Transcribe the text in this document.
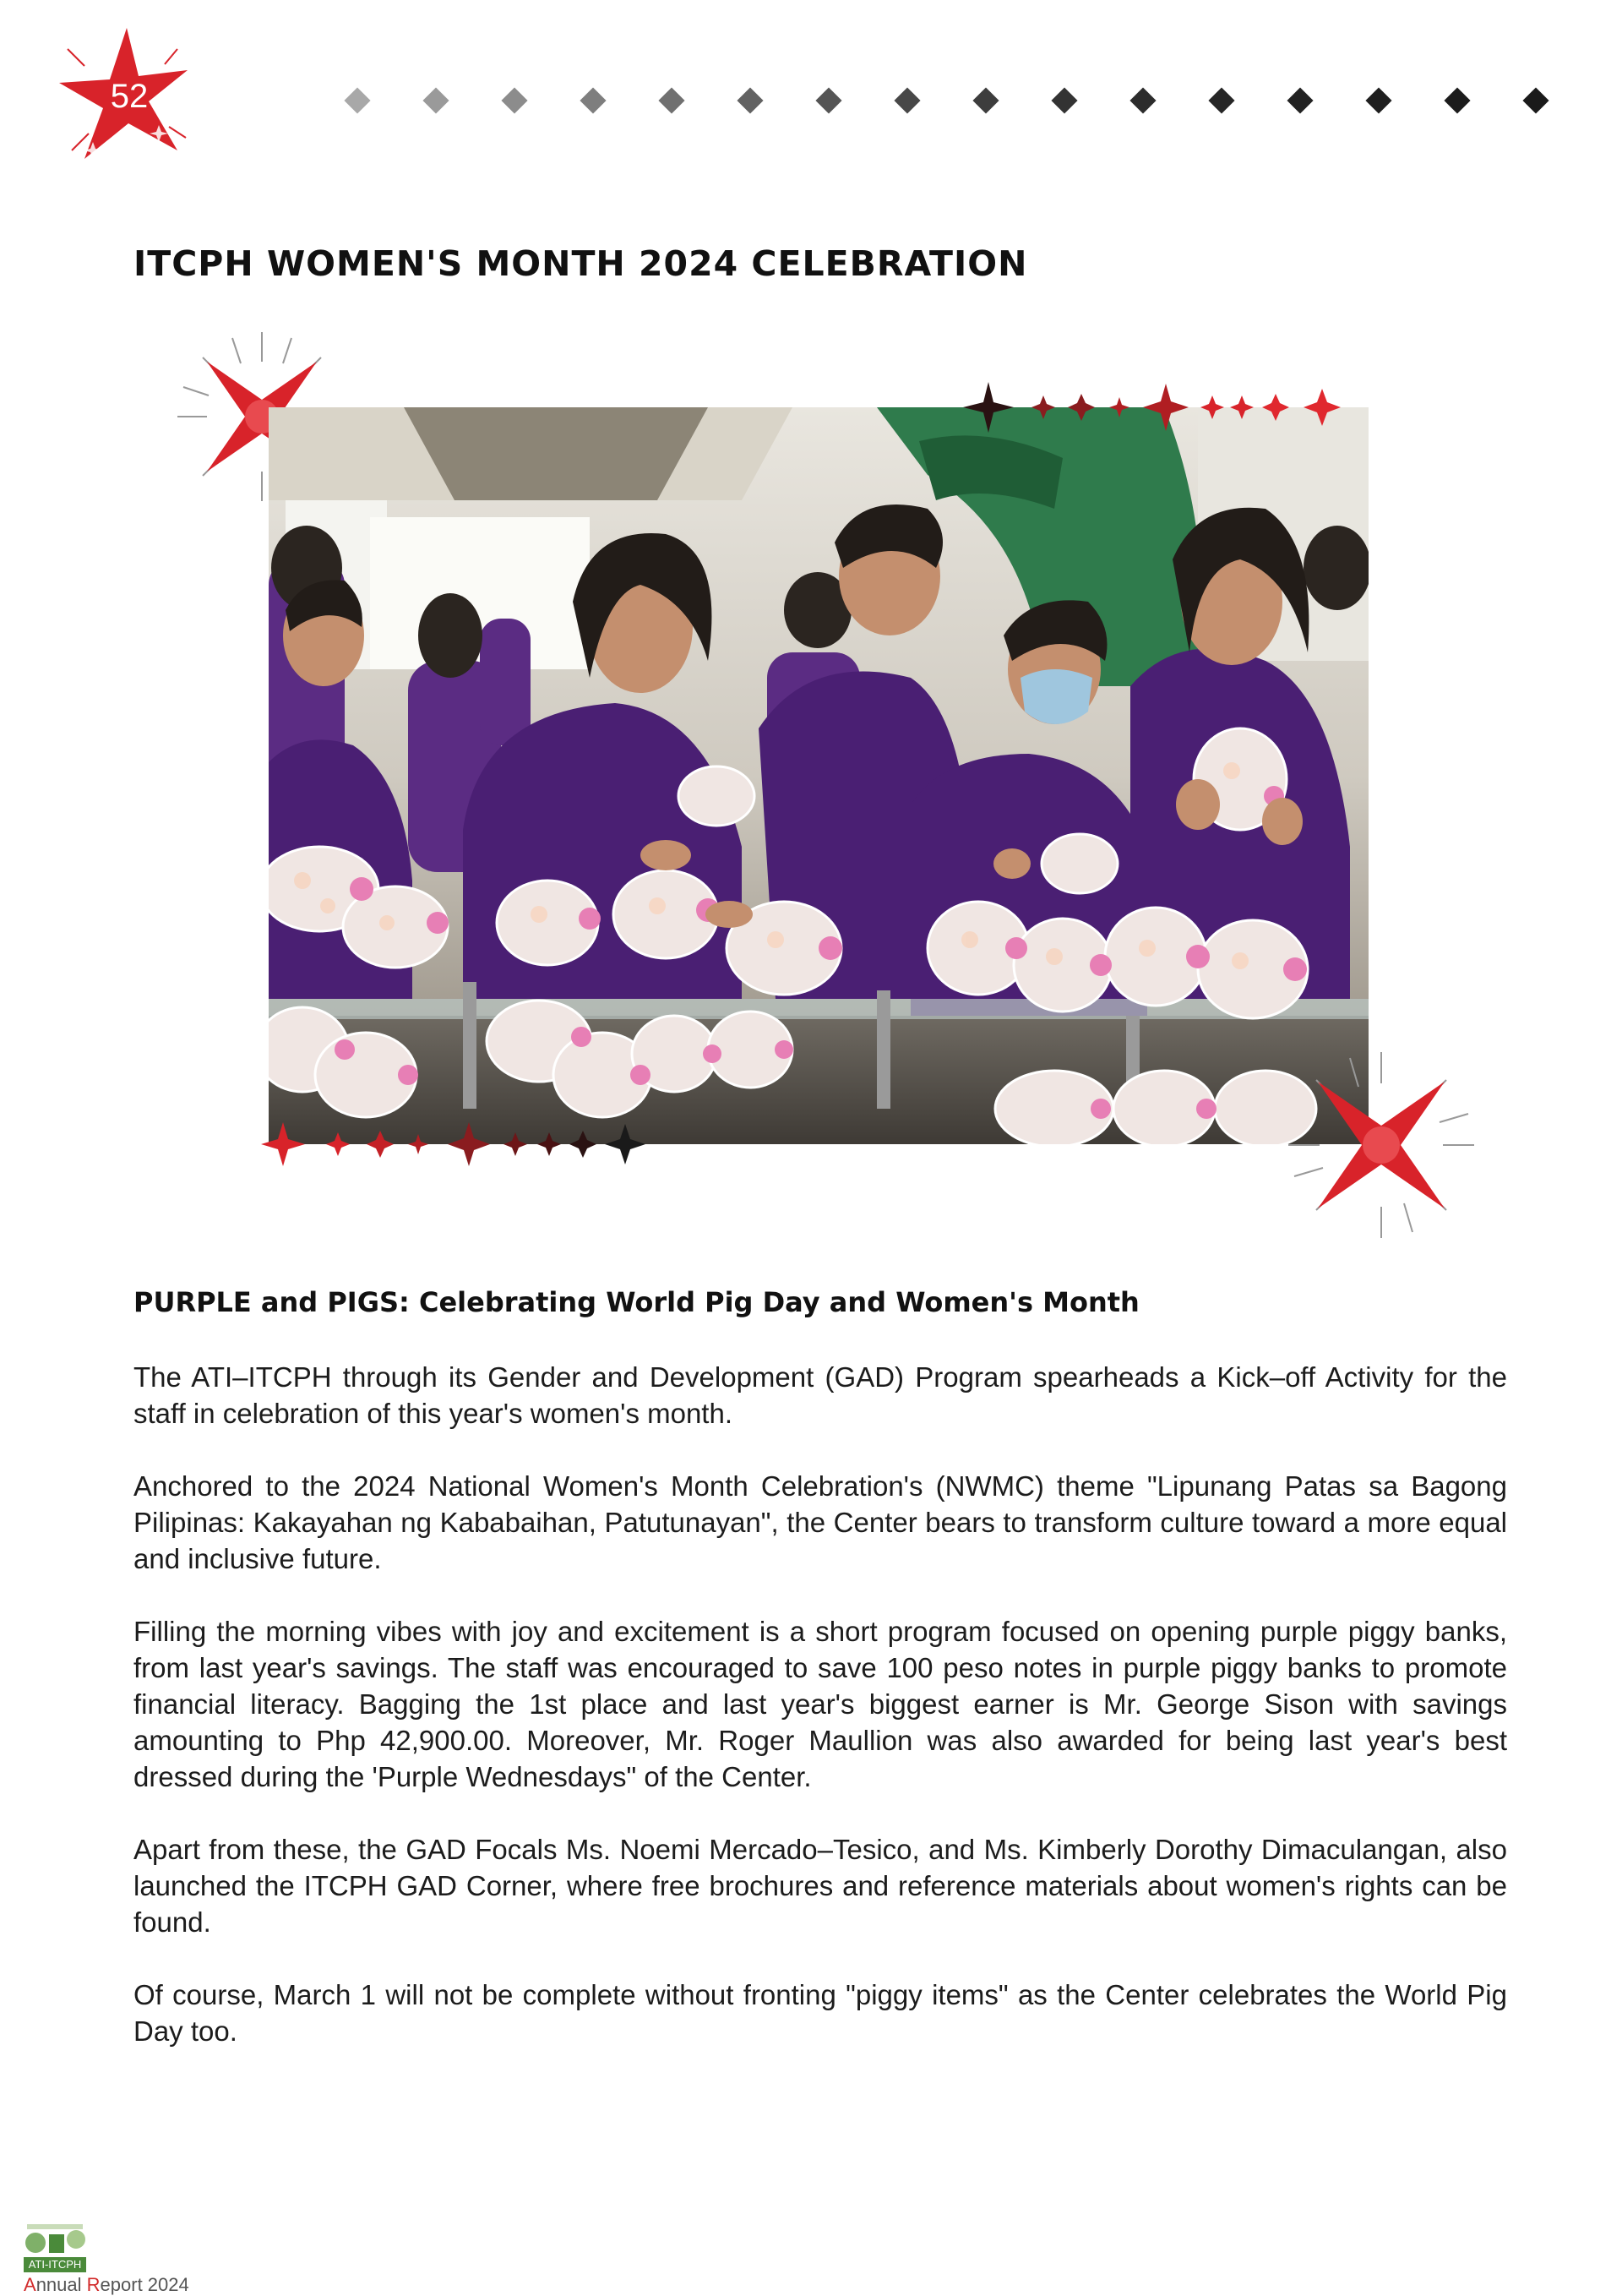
52
ITCPH WOMEN'S MONTH 2024 CELEBRATION
PURPLE and PIGS: Celebrating World Pig Day and Women's Month

The ATI–ITCPH through its Gender and Development (GAD) Program spearheads a Kick–off Activity for the staff in celebration of this year's women's month.

Anchored to the 2024 National Women's Month Celebration's (NWMC) theme "Lipunang Patas sa Bagong Pilipinas: Kakayahan ng Kababaihan, Patutunayan", the Center bears to transform culture toward a more equal and inclusive future.

Filling the morning vibes with joy and excitement is a short program focused on opening purple piggy banks, from last year's savings. The staff was encouraged to save 100 peso notes in purple piggy banks to promote financial literacy. Bagging the 1st place and last year's biggest earner is Mr. George Sison with savings amounting to Php 42,900.00. Moreover, Mr. Roger Maullion was also awarded for being last year's best dressed during the 'Purple Wednesdays" of the Center.

Apart from these, the GAD Focals Ms. Noemi Mercado–Tesico, and Ms. Kimberly Dorothy Dimaculangan, also launched the ITCPH GAD Corner, where free brochures and reference materials about women's rights can be found.

Of course, March 1 will not be complete without fronting "piggy items" as the Center celebrates the World Pig Day too.

ATI-ITCPH
Annual Report 2024
